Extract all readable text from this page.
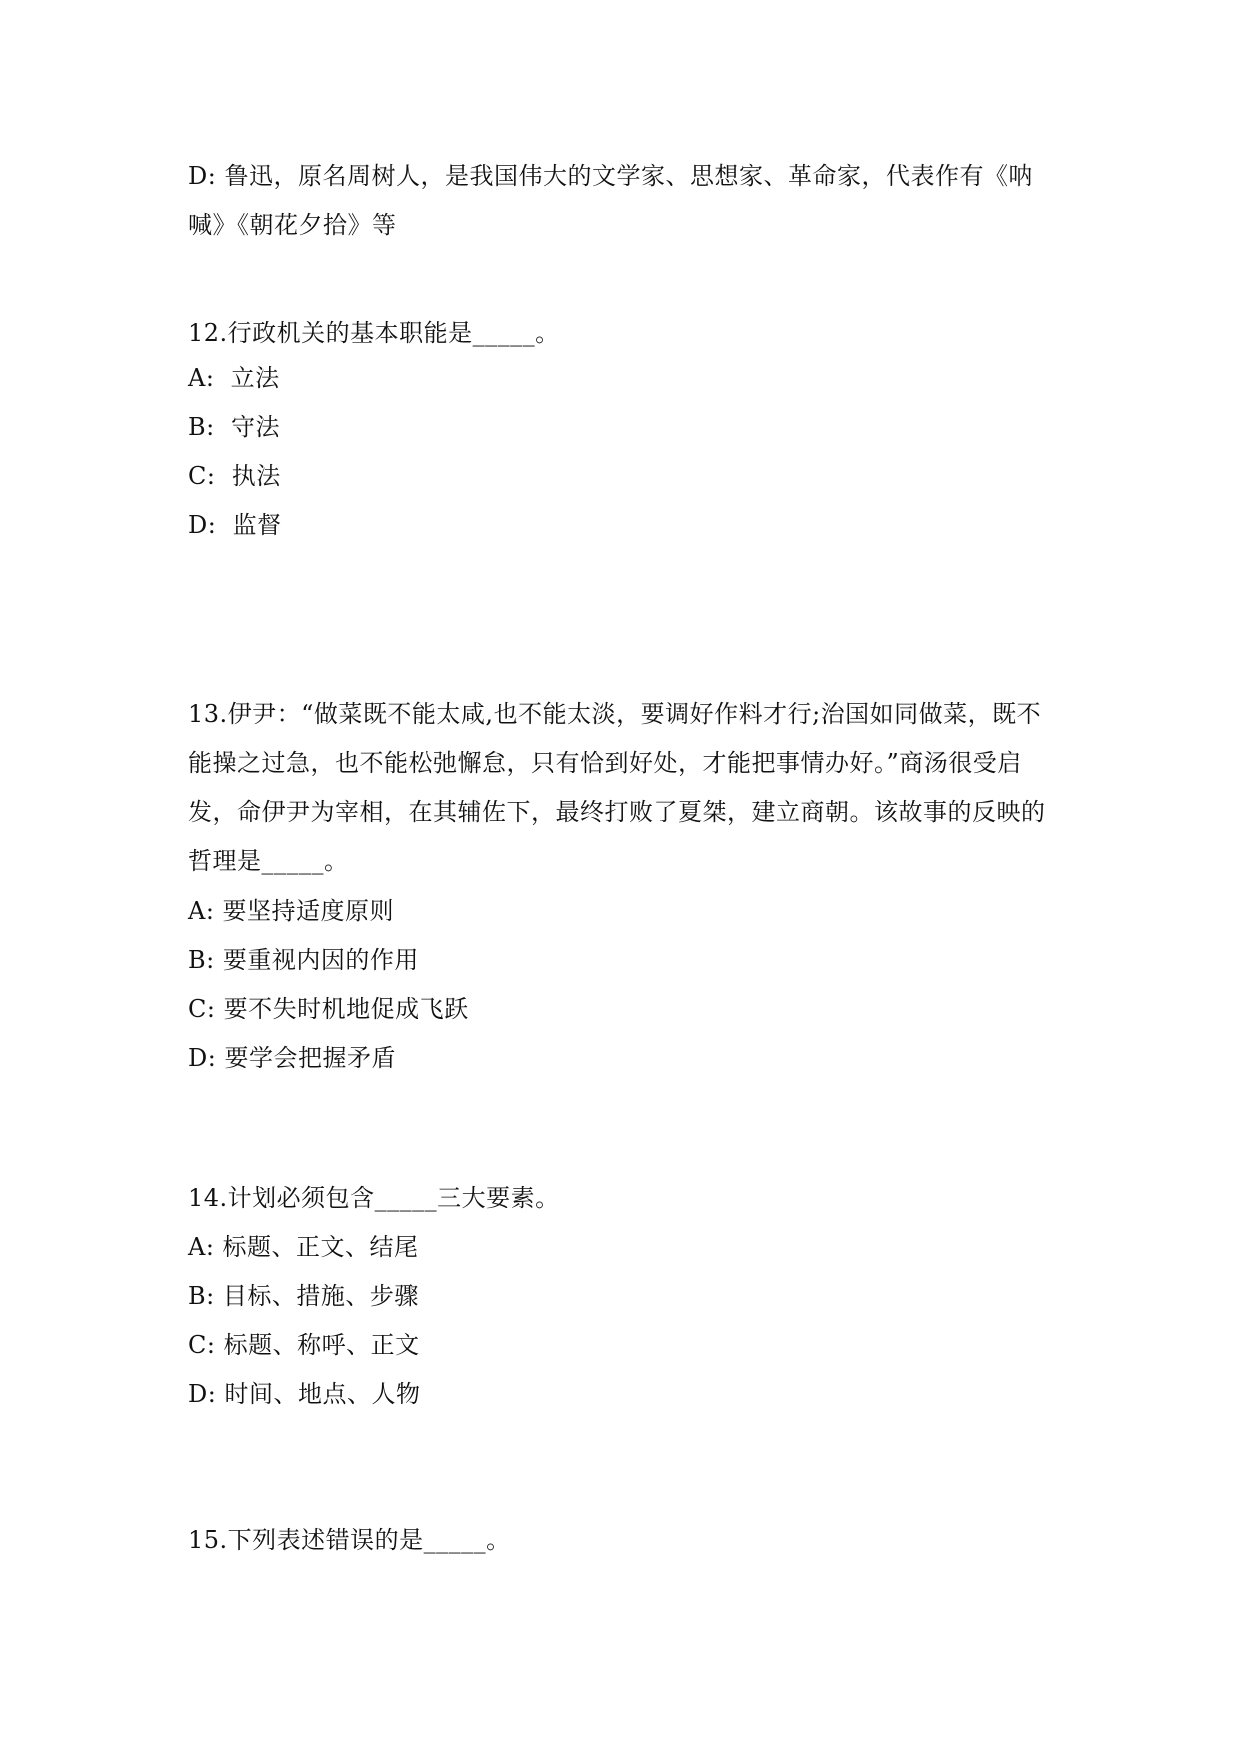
D: 鲁迅，原名周树人，是我国伟大的文学家、思想家、革命家，代表作有《呐喊》《朝花夕拾》等
12.行政机关的基本职能是_____。
A:  立法
B:  守法
C:  执法
D:  监督
13.伊尹：“做菜既不能太咸,也不能太淡，要调好作料才行;治国如同做菜，既不能操之过急，也不能松弛懈怠，只有恰到好处，才能把事情办好。”商汤很受启发，命伊尹为宰相，在其辅佐下，最终打败了夏桀，建立商朝。该故事的反映的哲理是_____。
A: 要坚持适度原则
B: 要重视内因的作用
C: 要不失时机地促成飞跃
D: 要学会把握矛盾
14.计划必须包含_____三大要素。
A: 标题、正文、结尾
B: 目标、措施、步骤
C: 标题、称呼、正文
D: 时间、地点、人物
15.下列表述错误的是_____。
